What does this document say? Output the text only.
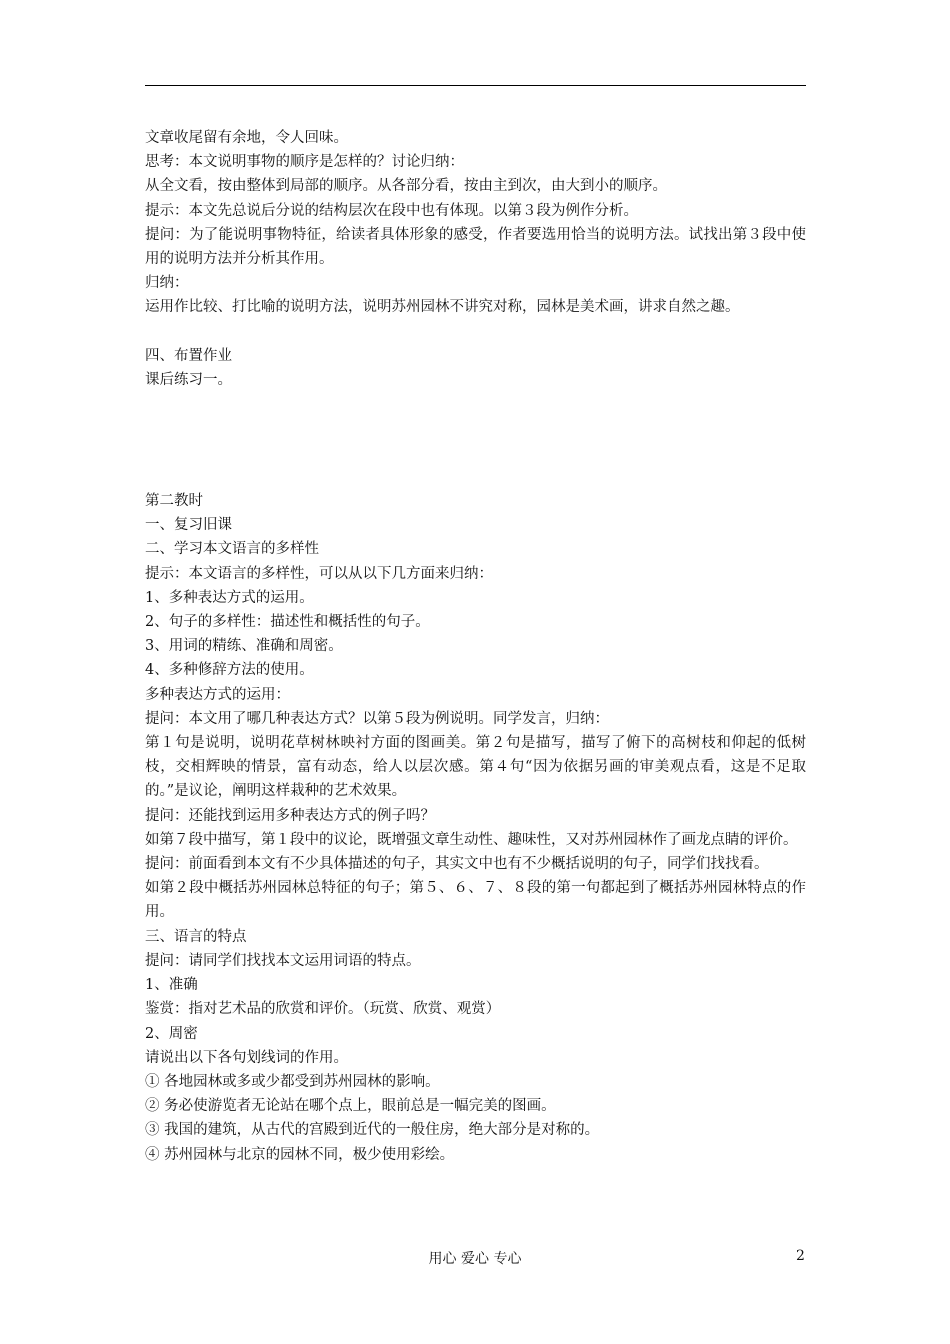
文章收尾留有余地，令人回味。

思考：本文说明事物的顺序是怎样的？讨论归纳：

从全文看，按由整体到局部的顺序。从各部分看，按由主到次，由大到小的顺序。

提示：本文先总说后分说的结构层次在段中也有体现。以第３段为例作分析。

提问：为了能说明事物特征，给读者具体形象的感受，作者要选用恰当的说明方法。试找出第３段中使用的说明方法并分析其作用。

归纳：

运用作比较、打比喻的说明方法，说明苏州园林不讲究对称，园林是美术画，讲求自然之趣。

四、布置作业

课后练习一。

第二教时

一、复习旧课

二、学习本文语言的多样性

提示：本文语言的多样性，可以从以下几方面来归纳：

1、多种表达方式的运用。

2、句子的多样性：描述性和概括性的句子。

3、用词的精练、准确和周密。

4、多种修辞方法的使用。

多种表达方式的运用：

提问：本文用了哪几种表达方式？以第５段为例说明。同学发言，归纳：

第１句是说明，说明花草树林映衬方面的图画美。第２句是描写，描写了俯下的高树枝和仰起的低树枝，交相辉映的情景，富有动态，给人以层次感。第４句“因为依据另画的审美观点看，这是不足取的。”是议论，阐明这样栽种的艺术效果。

提问：还能找到运用多种表达方式的例子吗？

如第７段中描写，第１段中的议论，既增强文章生动性、趣味性，又对苏州园林作了画龙点睛的评价。

提问：前面看到本文有不少具体描述的句子，其实文中也有不少概括说明的句子，同学们找找看。

如第２段中概括苏州园林总特征的句子；第５、６、７、８段的第一句都起到了概括苏州园林特点的作用。

三、语言的特点

提问：请同学们找找本文运用词语的特点。

1、准确

鉴赏：指对艺术品的欣赏和评价。（玩赏、欣赏、观赏）

2、周密

请说出以下各句划线词的作用。

① 各地园林或多或少都受到苏州园林的影响。

② 务必使游览者无论站在哪个点上，眼前总是一幅完美的图画。

③ 我国的建筑，从古代的宫殿到近代的一般住房，绝大部分是对称的。

④ 苏州园林与北京的园林不同，极少使用彩绘。

用心 爱心 专心	2
